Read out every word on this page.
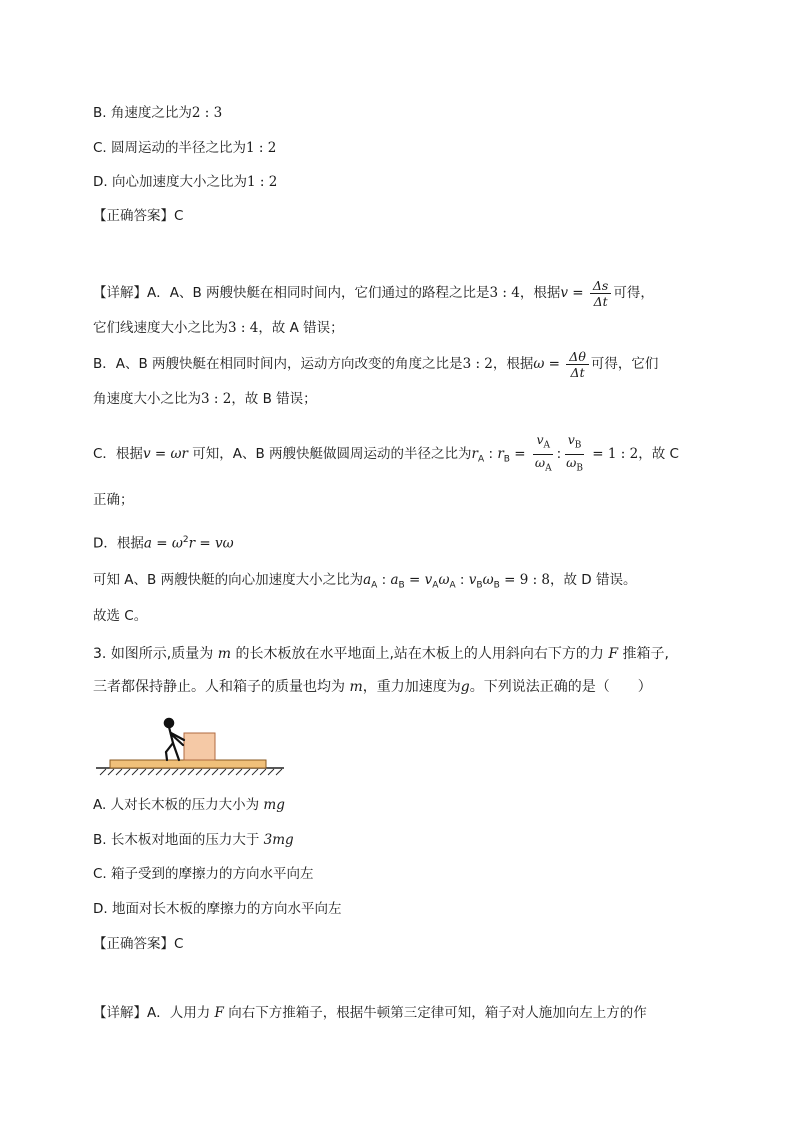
B. 角速度之比为2 : 3
C. 圆周运动的半径之比为1 : 2
D. 向心加速度大小之比为1 : 2
【正确答案】C
【详解】A．A、B 两艘快艇在相同时间内，它们通过的路程之比是3 : 4，根据$v = \frac{\Delta s}{\Delta t}$ 可得，
它们线速度大小之比为3 : 4，故 A 错误；
B．A、B 两艘快艇在相同时间内，运动方向改变的角度之比是3 : 2，根据$\omega = \frac{\Delta\theta}{\Delta t}$ 可得，它们
角速度大小之比为3 : 2，故 B 错误；
C．根据v = ωr 可知，A、B 两艘快艇做圆周运动的半径之比为$r_A$ : $r_B = \frac{v_A}{\omega_A}$ : $\frac{v_B}{\omega_B} = 1$ : 2，故 C
正确；
D．根据$a = \omega^2r = v\omega$
可知 A、B 两艘快艇的向心加速度大小之比为$a_A$ : $a_B = v_A\omega_A$ : $v_B\omega_B = 9$ : 8，故 D 错误。
故选 C。
3. 如图所示,质量为 m 的长木板放在水平地面上,站在木板上的人用斜向右下方的力 F 推箱子,
三者都保持静止。人和箱子的质量也均为 m，重力加速度为g。下列说法正确的是（　　）
A. 人对长木板的压力大小为 mg
B. 长木板对地面的压力大于 3mg
C. 箱子受到的摩擦力的方向水平向左
D. 地面对长木板的摩擦力的方向水平向左
【正确答案】C
【详解】A．人用力 F 向右下方推箱子，根据牛顿第三定律可知，箱子对人施加向左上方的作
